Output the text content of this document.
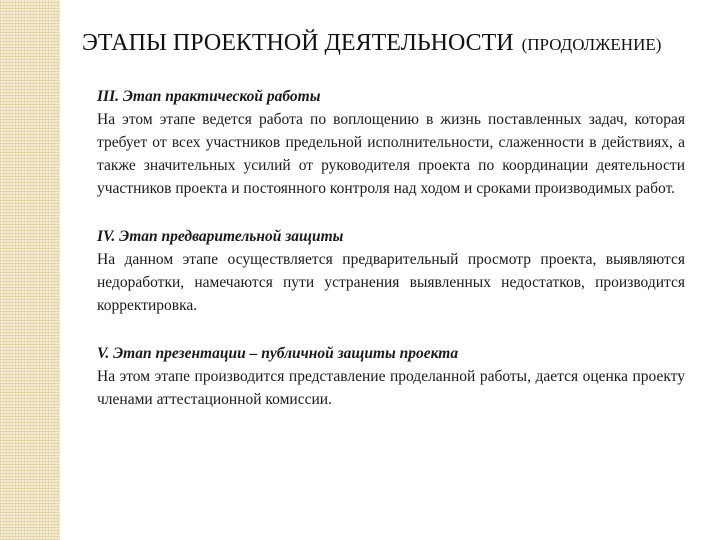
ЭТАПЫ ПРОЕКТНОЙ ДЕЯТЕЛЬНОСТИ (ПРОДОЛЖЕНИЕ)

III. Этап практической работы

На этом этапе ведется работа по воплощению в жизнь поставленных задач, которая требует от всех участников предельной исполнительности, слаженности в действиях, а также значительных усилий от руководителя проекта по координации деятельности участников проекта и постоянного контроля над ходом и сроками производимых работ.

IV. Этап предварительной защиты

На данном этапе осуществляется предварительный просмотр проекта, выявляются недоработки, намечаются пути устранения выявленных недостатков, производится корректировка.

V. Этап презентации – публичной защиты проекта

На этом этапе производится представление проделанной работы, дается оценка проекту членами аттестационной комиссии.
